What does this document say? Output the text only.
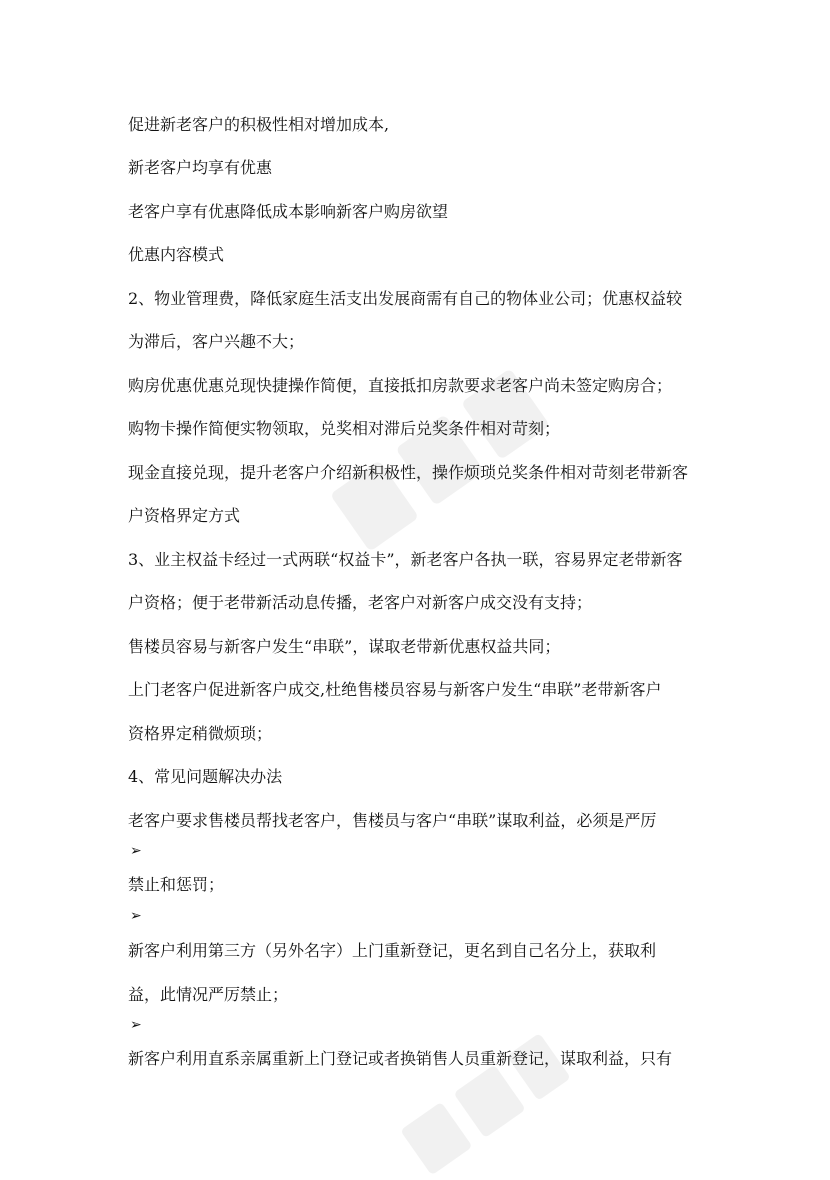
促进新老客户的积极性相对增加成本,
新老客户均享有优惠
老客户享有优惠降低成本影响新客户购房欲望
优惠内容模式
2、物业管理费，降低家庭生活支出发展商需有自己的物体业公司；优惠权益较
为滞后，客户兴趣不大；
购房优惠优惠兑现快捷操作简便，直接抵扣房款要求老客户尚未签定购房合；
购物卡操作简便实物领取，兑奖相对滞后兑奖条件相对苛刻；
现金直接兑现，提升老客户介绍新积极性，操作烦琐兑奖条件相对苛刻老带新客
户资格界定方式
3、业主权益卡经过一式两联“权益卡”，新老客户各执一联，容易界定老带新客
户资格；便于老带新活动息传播，老客户对新客户成交没有支持；
售楼员容易与新客户发生“串联”，谋取老带新优惠权益共同；
上门老客户促进新客户成交,杜绝售楼员容易与新客户发生“串联”老带新客户
资格界定稍微烦琐；
4、常见问题解决办法
老客户要求售楼员帮找老客户，售楼员与客户“串联”谋取利益，必须是严厉
➢
禁止和惩罚；
➢
新客户利用第三方（另外名字）上门重新登记，更名到自己名分上，获取利
益，此情况严厉禁止；
➢
新客户利用直系亲属重新上门登记或者换销售人员重新登记，谋取利益，只有
